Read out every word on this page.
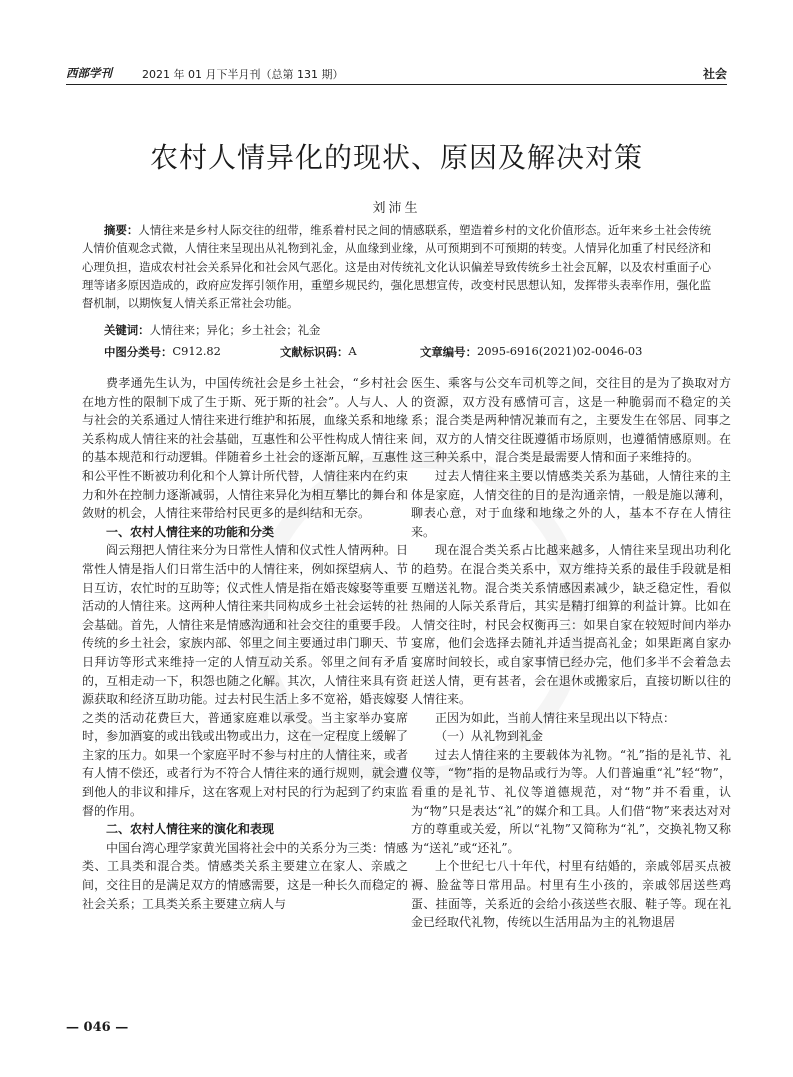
西部学刊	2021 年 01 月下半月刊（总第 131 期）	社会
农村人情异化的现状、原因及解决对策
刘沛生
摘要：人情往来是乡村人际交往的纽带，维系着村民之间的情感联系，塑造着乡村的文化价值形态。近年来乡土社会传统人情价值观念式微，人情往来呈现出从礼物到礼金，从血缘到业缘，从可预期到不可预期的转变。人情异化加重了村民经济和心理负担，造成农村社会关系异化和社会风气恶化。这是由对传统礼文化认识偏差导致传统乡土社会瓦解，以及农村重面子心理等诸多原因造成的，政府应发挥引领作用，重塑乡规民约，强化思想宣传，改变村民思想认知，发挥带头表率作用，强化监督机制，以期恢复人情关系正常社会功能。
关键词：人情往来；异化；乡土社会；礼金
中图分类号： C912.82	文献标识码： A	文章编号： 2095-6916(2021)02-0046-03

费孝通先生认为，中国传统社会是乡土社会，“乡村社会在地方性的限制下成了生于斯、死于斯的社会”。人与人、人与社会的关系通过人情往来进行维护和拓展，血缘关系和地缘关系构成人情往来的社会基础，互惠性和公平性构成人情往来的基本规范和行动逻辑。伴随着乡土社会的逐渐瓦解，互惠性和公平性不断被功利化和个人算计所代替，人情往来内在约束力和外在控制力逐渐减弱，人情往来异化为相互攀比的舞台和敛财的机会，人情往来带给村民更多的是纠结和无奈。

一、农村人情往来的功能和分类

阎云翔把人情往来分为日常性人情和仪式性人情两种。日常性人情是指人们日常生活中的人情往来，例如探望病人、节日互访，农忙时的互助等；仪式性人情是指在婚丧嫁娶等重要活动的人情往来。这两种人情往来共同构成乡土社会运转的社会基础。首先，人情往来是情感沟通和社会交往的重要手段。传统的乡土社会，家族内部、邻里之间主要通过串门聊天、节日拜访等形式来维持一定的人情互动关系。邻里之间有矛盾的，互相走动一下，积怨也随之化解。其次，人情往来具有资源获取和经济互助功能。过去村民生活上多不宽裕，婚丧嫁娶之类的活动花费巨大，普通家庭难以承受。当主家举办宴席时，参加酒宴的或出钱或出物或出力，这在一定程度上缓解了主家的压力。如果一个家庭平时不参与村庄的人情往来，或者有人情不偿还，或者行为不符合人情往来的通行规则，就会遭到他人的非议和排斥，这在客观上对村民的行为起到了约束监督的作用。

二、农村人情往来的演化和表现

中国台湾心理学家黄光国将社会中的关系分为三类：情感类、工具类和混合类。情感类关系主要建立在家人、亲戚之间，交往目的是满足双方的情感需要，这是一种长久而稳定的社会关系；工具类关系主要建立病人与

医生、乘客与公交车司机等之间，交往目的是为了换取对方的资源，双方没有感情可言，这是一种脆弱而不稳定的关系；混合类是两种情况兼而有之，主要发生在邻居、同事之间，双方的人情交往既遵循市场原则，也遵循情感原则。在这三种关系中，混合类是最需要人情和面子来维持的。

过去人情往来主要以情感类关系为基础，人情往来的主体是家庭，人情交往的目的是沟通亲情，一般是施以薄利，聊表心意，对于血缘和地缘之外的人，基本不存在人情往来。

现在混合类关系占比越来越多，人情往来呈现出功利化的趋势。在混合类关系中，双方维持关系的最佳手段就是相互赠送礼物。混合类关系情感因素减少，缺乏稳定性，看似热闹的人际关系背后，其实是精打细算的利益计算。比如在人情交往时，村民会权衡再三：如果自家在较短时间内举办宴席，他们会选择去随礼并适当提高礼金；如果距离自家办宴席时间较长，或自家事情已经办完，他们多半不会着急去赶送人情，更有甚者，会在退休或搬家后，直接切断以往的人情往来。

正因为如此，当前人情往来呈现出以下特点：

（一）从礼物到礼金

过去人情往来的主要载体为礼物。“礼”指的是礼节、礼仪等，“物”指的是物品或行为等。人们普遍重“礼”轻“物”，看重的是礼节、礼仪等道德规范，对“物”并不看重，认为“物”只是表达“礼”的媒介和工具。人们借“物”来表达对对方的尊重或关爱，所以“礼物”又简称为“礼”，交换礼物又称为“送礼”或“还礼”。

上个世纪七八十年代，村里有结婚的，亲戚邻居买点被褥、脸盆等日常用品。村里有生小孩的，亲戚邻居送些鸡蛋、挂面等，关系近的会给小孩送些衣服、鞋子等。现在礼金已经取代礼物，传统以生活用品为主的礼物退居

— 046 —
